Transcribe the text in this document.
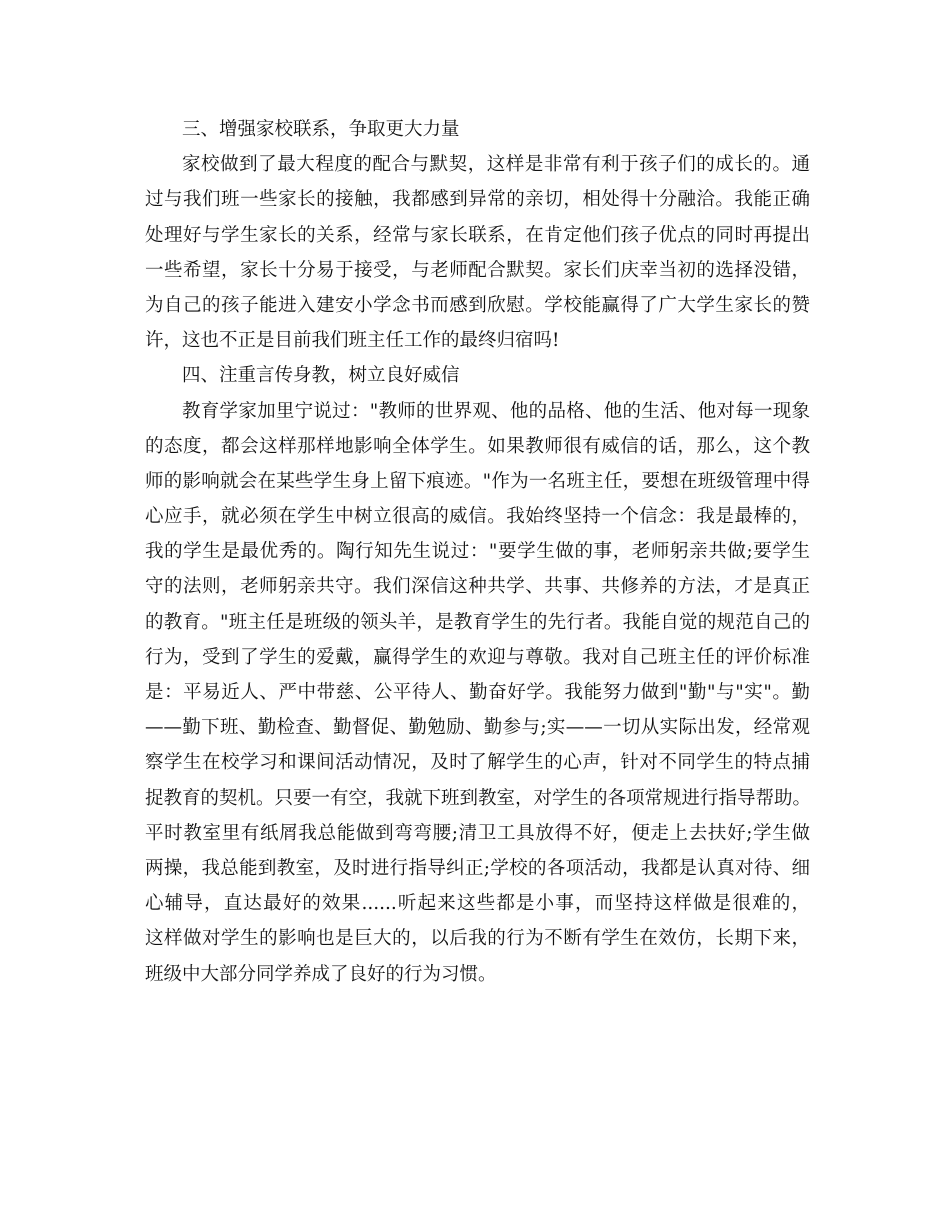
三、增强家校联系，争取更大力量
家校做到了最大程度的配合与默契，这样是非常有利于孩子们的成长的。通
过与我们班一些家长的接触，我都感到异常的亲切，相处得十分融洽。我能正确
处理好与学生家长的关系，经常与家长联系，在肯定他们孩子优点的同时再提出
一些希望，家长十分易于接受，与老师配合默契。家长们庆幸当初的选择没错，
为自己的孩子能进入建安小学念书而感到欣慰。学校能赢得了广大学生家长的赞
许，这也不正是目前我们班主任工作的最终归宿吗!
四、注重言传身教，树立良好威信
教育学家加里宁说过："教师的世界观、他的品格、他的生活、他对每一现象
的态度，都会这样那样地影响全体学生。如果教师很有威信的话，那么，这个教
师的影响就会在某些学生身上留下痕迹。"作为一名班主任，要想在班级管理中得
心应手，就必须在学生中树立很高的威信。我始终坚持一个信念：我是最棒的，
我的学生是最优秀的。陶行知先生说过："要学生做的事，老师躬亲共做;要学生
守的法则，老师躬亲共守。我们深信这种共学、共事、共修养的方法，才是真正
的教育。"班主任是班级的领头羊，是教育学生的先行者。我能自觉的规范自己的
行为，受到了学生的爱戴，赢得学生的欢迎与尊敬。我对自己班主任的评价标准
是：平易近人、严中带慈、公平待人、勤奋好学。我能努力做到"勤"与"实"。勤
——勤下班、勤检查、勤督促、勤勉励、勤参与;实——一切从实际出发，经常观
察学生在校学习和课间活动情况，及时了解学生的心声，针对不同学生的特点捕
捉教育的契机。只要一有空，我就下班到教室，对学生的各项常规进行指导帮助。
平时教室里有纸屑我总能做到弯弯腰;清卫工具放得不好，便走上去扶好;学生做
两操，我总能到教室，及时进行指导纠正;学校的各项活动，我都是认真对待、细
心辅导，直达最好的效果......听起来这些都是小事，而坚持这样做是很难的，
这样做对学生的影响也是巨大的，以后我的行为不断有学生在效仿，长期下来，
班级中大部分同学养成了良好的行为习惯。
